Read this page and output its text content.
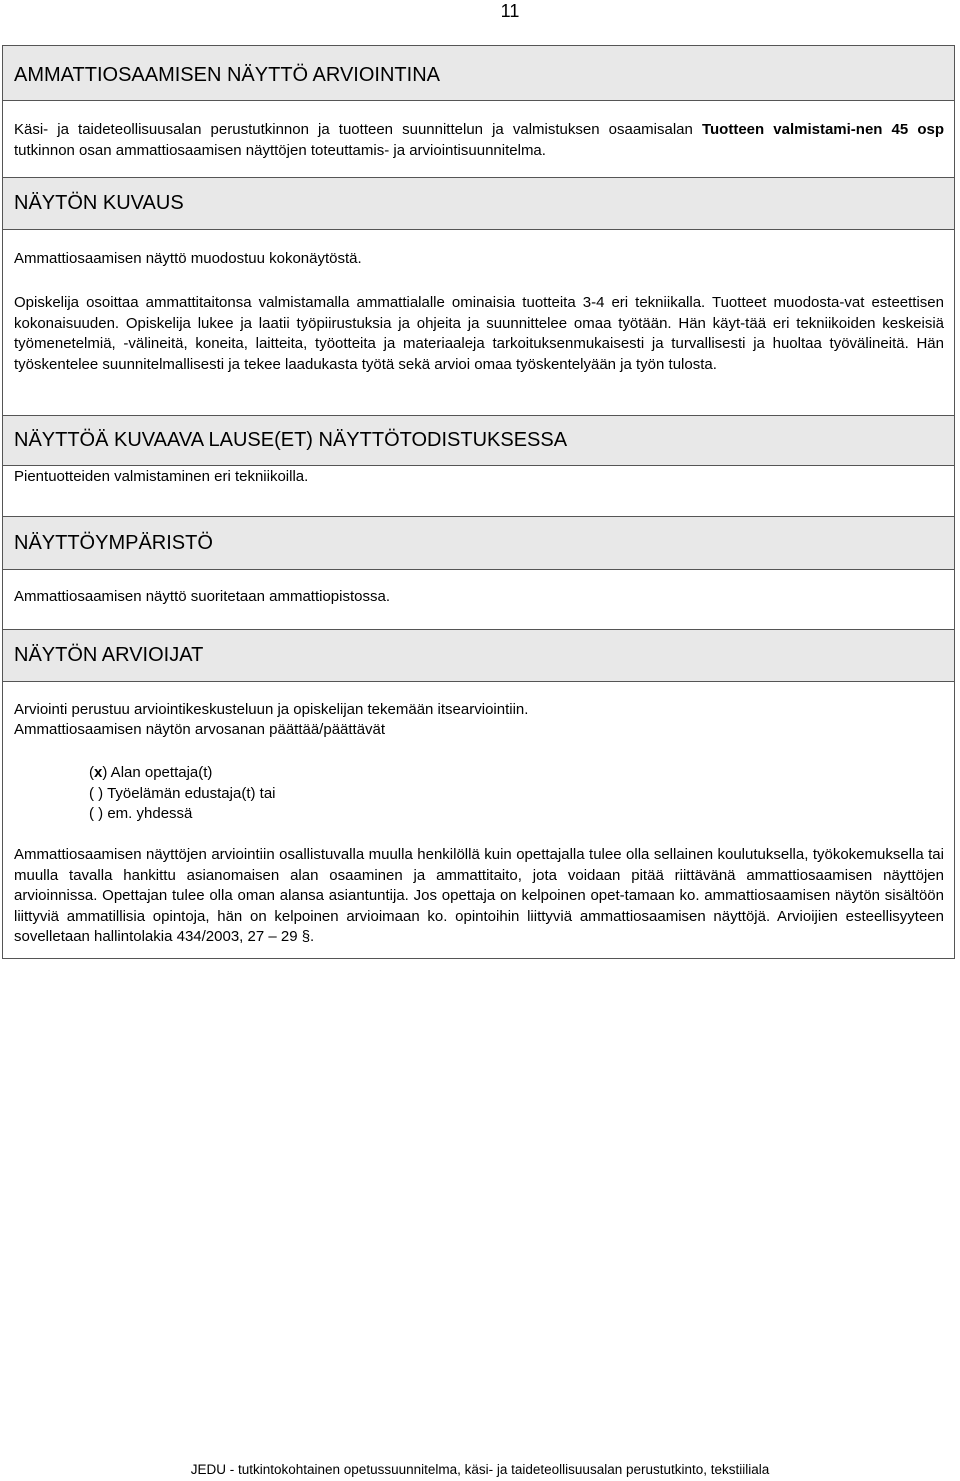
11
AMMATTIOSAAMISEN NÄYTTÖ ARVIOINTINA
Käsi- ja taideteollisuusalan perustutkinnon ja tuotteen suunnittelun ja valmistuksen osaamisalan Tuotteen valmistami-nen 45 osp tutkinnon osan ammattiosaamisen näyttöjen toteuttamis- ja arviointisuunnitelma.
NÄYTÖN KUVAUS
Ammattiosaamisen näyttö muodostuu kokonäytöstä.
Opiskelija osoittaa ammattitaitonsa valmistamalla ammattialalle ominaisia tuotteita 3-4 eri tekniikalla. Tuotteet muodosta-vat esteettisen kokonaisuuden. Opiskelija lukee ja laatii työpiirustuksia ja ohjeita ja suunnittelee omaa työtään. Hän käyt-tää eri tekniikoiden keskeisiä työmenetelmiä, -välineitä, koneita, laitteita, työotteita ja materiaaleja tarkoituksenmukaisesti ja turvallisesti ja huoltaa työvälineitä. Hän työskentelee suunnitelmallisesti ja tekee laadukasta työtä sekä arvioi omaa työskentelyään ja työn tulosta.
NÄYTTÖÄ KUVAAVA LAUSE(ET) NÄYTTÖTODISTUKSESSA
Pientuotteiden valmistaminen eri tekniikoilla.
NÄYTTÖYMPÄRISTÖ
Ammattiosaamisen näyttö suoritetaan ammattiopistossa.
NÄYTÖN ARVIOIJAT
Arviointi perustuu arviointikeskusteluun ja opiskelijan tekemään itsearviointiin.
Ammattiosaamisen näytön arvosanan päättää/päättävät
(x) Alan opettaja(t)
( ) Työelämän edustaja(t) tai
( ) em. yhdessä
Ammattiosaamisen näyttöjen arviointiin osallistuvalla muulla henkilöllä kuin opettajalla tulee olla sellainen koulutuksella, työkokemuksella tai muulla tavalla hankittu asianomaisen alan osaaminen ja ammattitaito, jota voidaan pitää riittävänä ammattiosaamisen näyttöjen arvioinnissa. Opettajan tulee olla oman alansa asiantuntija. Jos opettaja on kelpoinen opet-tamaan ko. ammattiosaamisen näytön sisältöön liittyviä ammatillisia opintoja, hän on kelpoinen arvioimaan ko. opintoihin liittyviä ammattiosaamisen näyttöjä. Arvioijien esteellisyyteen sovelletaan hallintolakia 434/2003, 27 – 29 §.
JEDU - tutkintokohtainen opetussuunnitelma, käsi- ja taideteollisuusalan perustutkinto, tekstiiliala
